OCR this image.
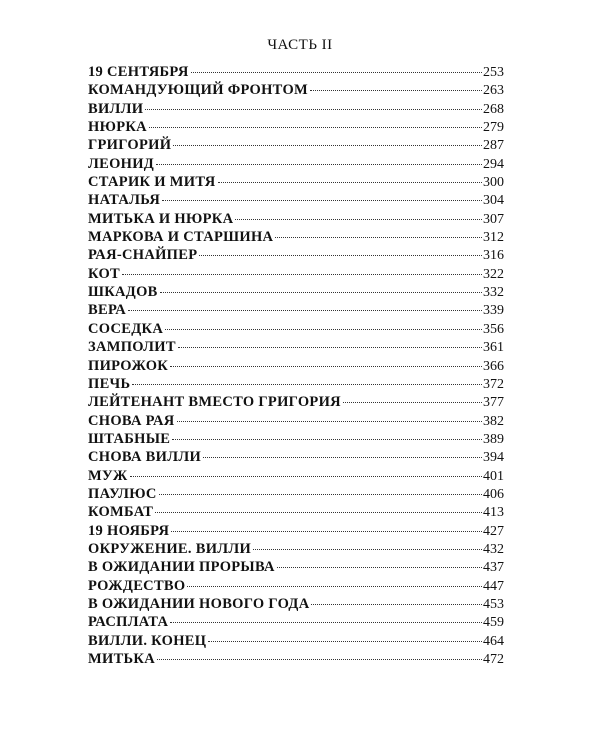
ЧАСТЬ II
19 СЕНТЯБРЯ	253
КОМАНДУЮЩИЙ ФРОНТОМ	263
ВИЛЛИ	268
НЮРКА	279
ГРИГОРИЙ	287
ЛЕОНИД	294
СТАРИК И МИТЯ	300
НАТАЛЬЯ	304
МИТЬКА И НЮРКА	307
МАРКОВА И СТАРШИНА	312
РАЯ-СНАЙПЕР	316
КОТ	322
ШКАДОВ	332
ВЕРА	339
СОСЕДКА	356
ЗАМПОЛИТ	361
ПИРОЖОК	366
ПЕЧЬ	372
ЛЕЙТЕНАНТ ВМЕСТО ГРИГОРИЯ	377
СНОВА РАЯ	382
ШТАБНЫЕ	389
СНОВА ВИЛЛИ	394
МУЖ	401
ПАУЛЮС	406
КОМБАТ	413
19 НОЯБРЯ	427
ОКРУЖЕНИЕ. ВИЛЛИ	432
В ОЖИДАНИИ ПРОРЫВА	437
РОЖДЕСТВО	447
В ОЖИДАНИИ НОВОГО ГОДА	453
РАСПЛАТА	459
ВИЛЛИ. КОНЕЦ	464
МИТЬКА	472
